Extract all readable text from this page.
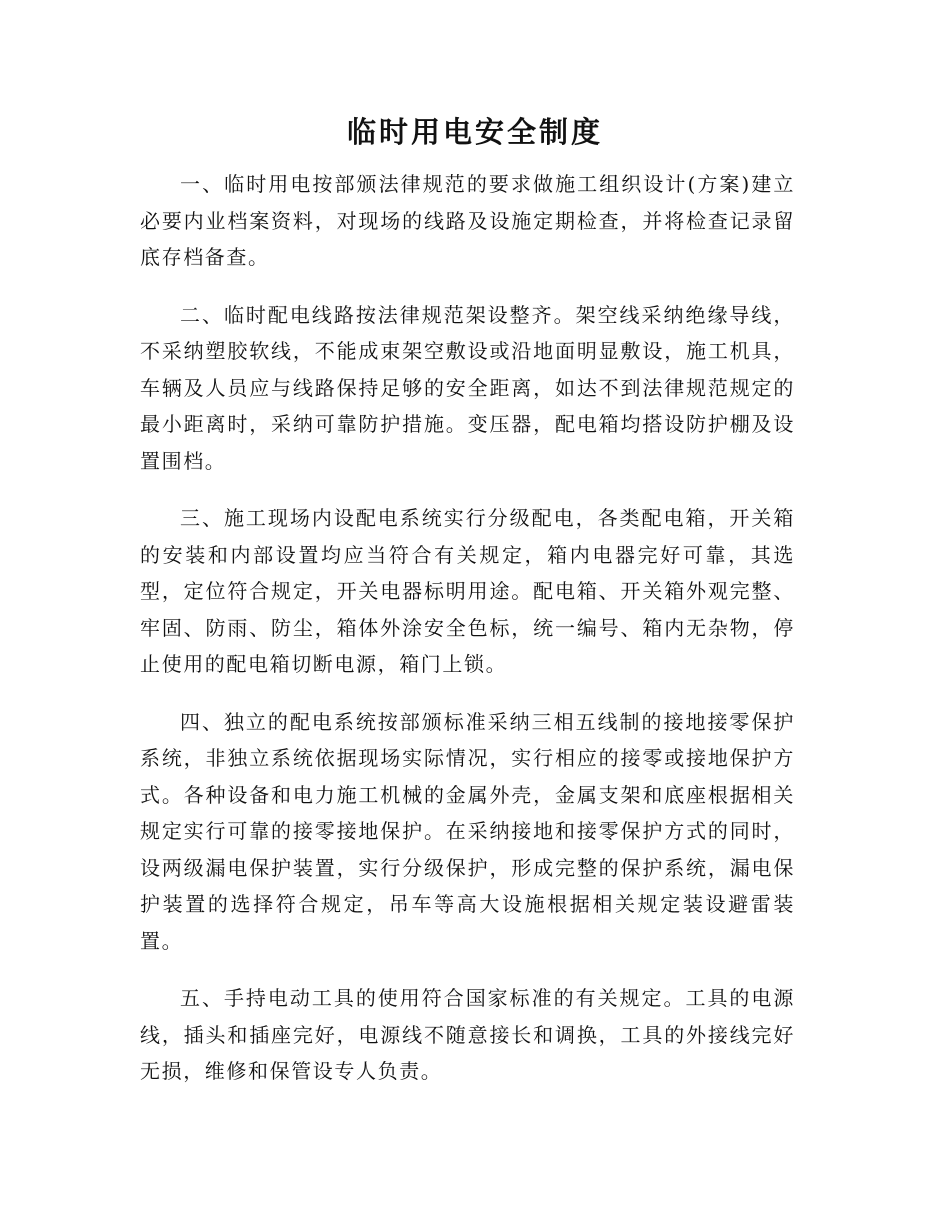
临时用电安全制度

一、临时用电按部颁法律规范的要求做施工组织设计(方案)建立必要内业档案资料，对现场的线路及设施定期检查，并将检查记录留底存档备查。

二、临时配电线路按法律规范架设整齐。架空线采纳绝缘导线，不采纳塑胶软线，不能成束架空敷设或沿地面明显敷设，施工机具，车辆及人员应与线路保持足够的安全距离，如达不到法律规范规定的最小距离时，采纳可靠防护措施。变压器，配电箱均搭设防护棚及设置围档。

三、施工现场内设配电系统实行分级配电，各类配电箱，开关箱的安装和内部设置均应当符合有关规定，箱内电器完好可靠，其选型，定位符合规定，开关电器标明用途。配电箱、开关箱外观完整、牢固、防雨、防尘，箱体外涂安全色标，统一编号、箱内无杂物，停止使用的配电箱切断电源，箱门上锁。

四、独立的配电系统按部颁标准采纳三相五线制的接地接零保护系统，非独立系统依据现场实际情况，实行相应的接零或接地保护方式。各种设备和电力施工机械的金属外壳，金属支架和底座根据相关规定实行可靠的接零接地保护。在采纳接地和接零保护方式的同时，设两级漏电保护装置，实行分级保护，形成完整的保护系统，漏电保护装置的选择符合规定，吊车等高大设施根据相关规定装设避雷装置。

五、手持电动工具的使用符合国家标准的有关规定。工具的电源线，插头和插座完好，电源线不随意接长和调换，工具的外接线完好无损，维修和保管设专人负责。
